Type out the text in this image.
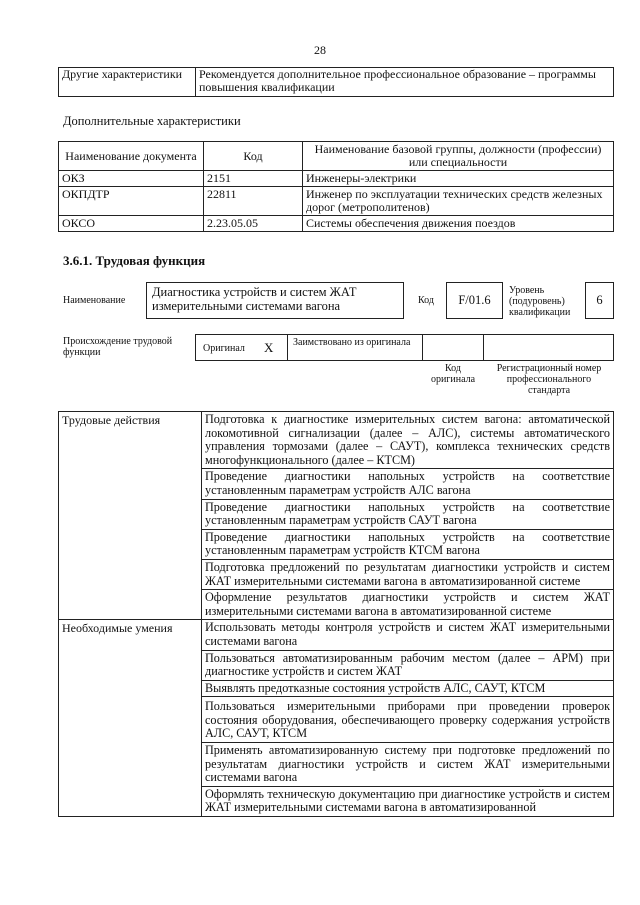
28
Другие характеристики	Рекомендуется дополнительное профессиональное образование – программы повышения квалификации
Дополнительные характеристики
Наименование документа	Код	Наименование базовой группы, должности (профессии) или специальности
ОКЗ	2151	Инженеры-электрики
ОКПДТР	22811	Инженер по эксплуатации технических средств железных дорог (метрополитенов)
ОКСО	2.23.05.05	Системы обеспечения движения поездов
3.6.1. Трудовая функция
Наименование
Диагностика устройств и систем ЖАТ измерительными системами вагона	Код	F/01.6
Уровень (подуровень) квалификации
6
Происхождение трудовой функции	Оригинал X Заимствовано из оригинала
Код оригинала
Регистрационный номер профессионального стандарта
Трудовые действия	Подготовка к диагностике измерительных систем вагона: автоматической локомотивной сигнализации (далее – АЛС), системы автоматического управления тормозами (далее – САУТ), комплекса технических средств многофункционального (далее – КТСМ)
	Проведение диагностики напольных устройств на соответствие установленным параметрам устройств АЛС вагона
	Проведение диагностики напольных устройств на соответствие установленным параметрам устройств САУТ вагона
	Проведение диагностики напольных устройств на соответствие установленным параметрам устройств КТСМ вагона
	Подготовка предложений по результатам диагностики устройств и систем ЖАТ измерительными системами вагона в автоматизированной системе
	Оформление результатов диагностики устройств и систем ЖАТ измерительными системами вагона в автоматизированной системе
Необходимые умения	Использовать методы контроля устройств и систем ЖАТ измерительными системами вагона
	Пользоваться автоматизированным рабочим местом (далее – АРМ) при диагностике устройств и систем ЖАТ
	Выявлять предотказные состояния устройств АЛС, САУТ, КТСМ
	Пользоваться измерительными приборами при проведении проверок состояния оборудования, обеспечивающего проверку содержания устройств АЛС, САУТ, КТСМ
	Применять автоматизированную систему при подготовке предложений по результатам диагностики устройств и систем ЖАТ измерительными системами вагона
	Оформлять техническую документацию при диагностике устройств и систем ЖАТ измерительными системами вагона в автоматизированной
